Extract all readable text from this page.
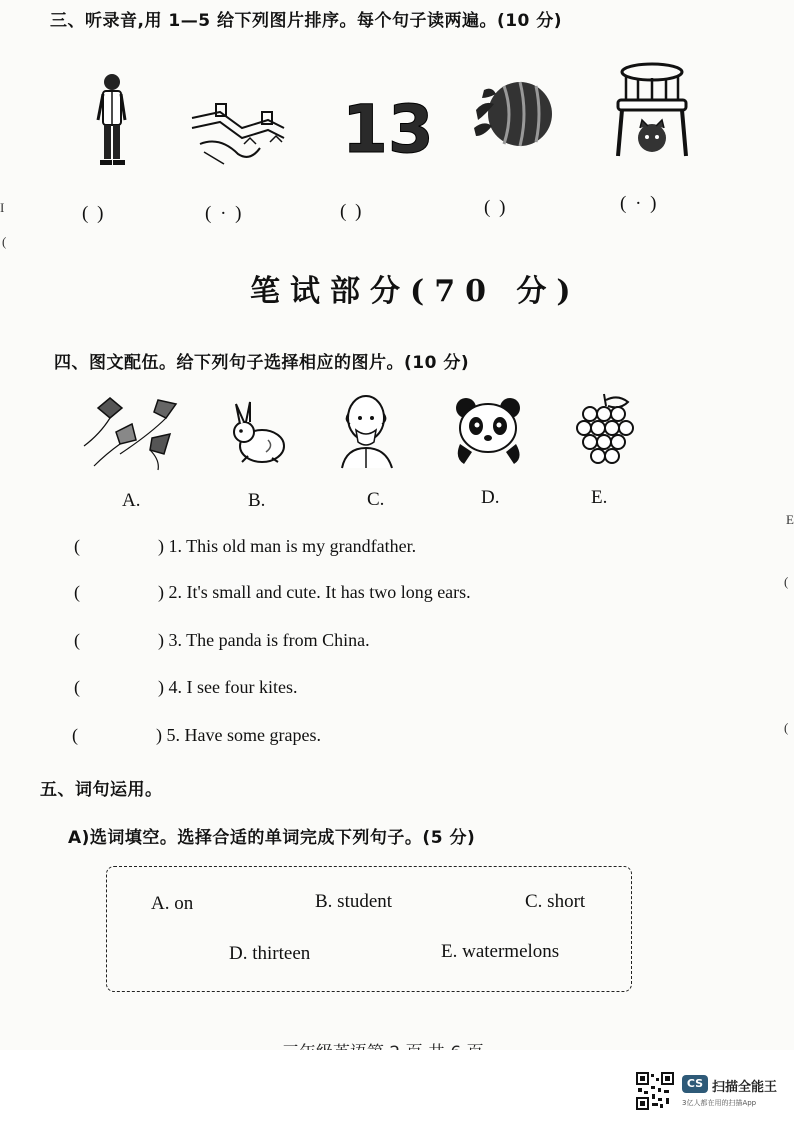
三、听录音,用 1—5 给下列图片排序。每个句子读两遍。(10 分)
13
( )	( · )	( )	( )	( · )
笔试部分(70 分)
四、图文配伍。给下列句子选择相应的图片。(10 分)
A.	B.	C.	D.	E.
(	) 1. This old man is my grandfather.
(	) 2. It's small and cute. It has two long ears.
(	) 3. The panda is from China.
(	) 4. I see four kites.
(	) 5. Have some grapes.
五、词句运用。
A)选词填空。选择合适的单词完成下列句子。(5 分)
A. on	B. student	C. short
D. thirteen	E. watermelons
I
(
(
E
(
CS 扫描全能王
3亿人都在用的扫描App
